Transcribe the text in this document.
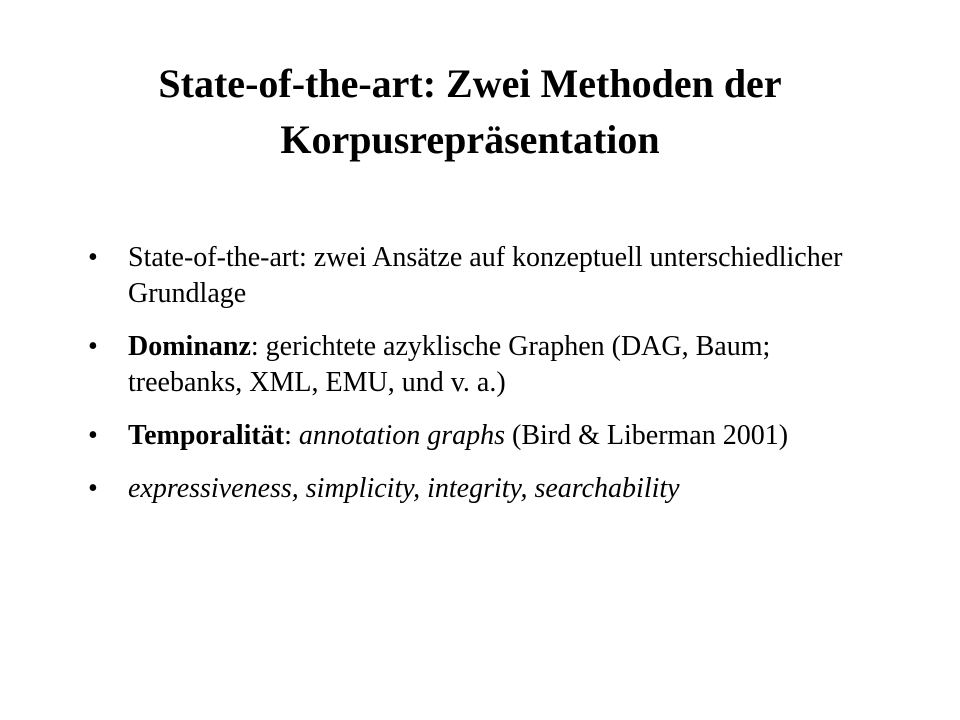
State-of-the-art: Zwei Methoden der
Korpusrepräsentation
• State-of-the-art: zwei Ansätze auf konzeptuell unterschiedlicher Grundlage
• Dominanz: gerichtete azyklische Graphen (DAG, Baum; treebanks, XML, EMU, und v. a.)
• Temporalität: annotation graphs (Bird & Liberman 2001)
• expressiveness, simplicity, integrity, searchability
